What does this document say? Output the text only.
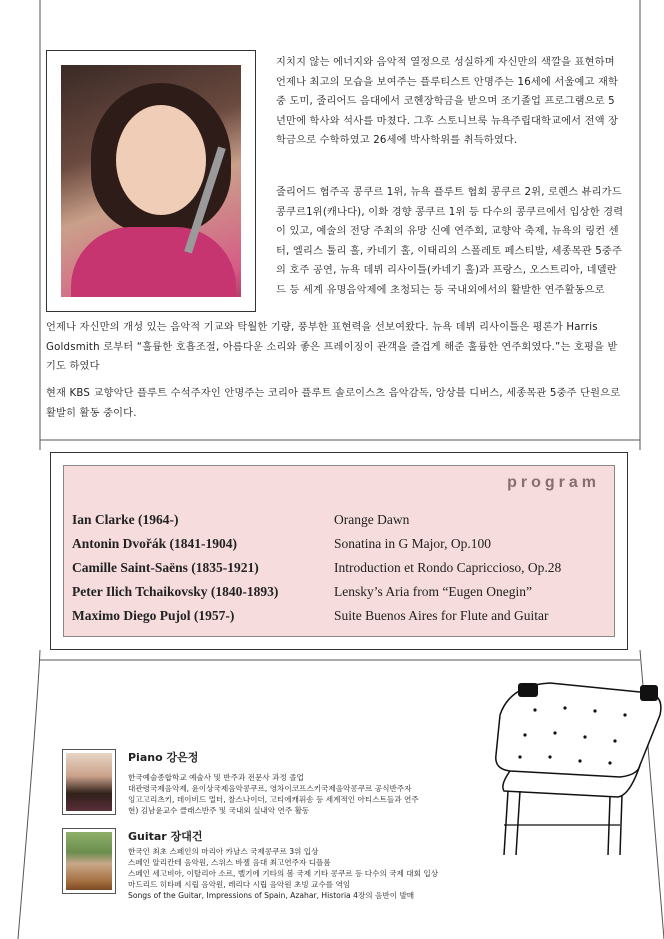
지치지 않는 에너지와 음악적 열정으로 성실하게 자신만의 색깔을 표현하며 언제나 최고의 모습을 보여주는 플루티스트 안명주는 16세에 서울예고 재학중 도미, 줄리어드 음대에서 코헨장학금을 받으며 조기졸업 프로그램으로 5년만에 학사와 석사를 마쳤다. 그후 스토니브룩 뉴욕주립대학교에서 전액 장학금으로 수학하였고 26세에 박사학위를 취득하였다.

줄리어드 협주곡 콩쿠르 1위, 뉴욕 플루트 협회 콩쿠르 2위, 로렌스 뷰리가드 콩쿠르1위(캐나다), 이화 경향 콩쿠르 1위 등 다수의 콩쿠르에서 입상한 경력이 있고, 예술의 전당 주최의 유망 신예 연주회, 교향악 축제, 뉴욕의 링컨 센터, 엘리스 툴리 홀, 카네기 홀, 이태리의 스폴레토 페스티발, 세종목관 5중주의 호주 공연, 뉴욕 데뷔 리사이틀(카네기 홀)과 프랑스, 오스트리아, 네델란드 등 세계 유명음악제에 초청되는 등 국내외에서의 활발한 연주활동으로

언제나 자신만의 개성 있는 음악적 기교와 탁월한 기량, 풍부한 표현력을 선보여왔다. 뉴욕 데뷔 리사이틀은 평론가 Harris Goldsmith 로부터 “훌륭한 호흡조절, 아름다운 소리와 좋은 프레이징이 관객을 즐겁게 해준 훌륭한 연주회였다.”는 호평을 받기도 하였다

현재 KBS 교향악단 플루트 수석주자인 안명주는 코리아 플루트 솔로이스츠 음악감독, 앙상블 디버스, 세종목관 5중주 단원으로 활발히 활동 중이다.

program
Ian Clarke (1964-)	Orange Dawn
Antonin Dvořák (1841-1904)	Sonatina in G Major, Op.100
Camille Saint-Saëns (1835-1921)	Introduction et Rondo Capriccioso, Op.28
Peter Ilich Tchaikovsky (1840-1893)	Lensky’s Aria from “Eugen Onegin”
Maximo Diego Pujol (1957-)	Suite Buenos Aires for Flute and Guitar
Piano 강은정

한국예술종합학교 예술사 및 반주과 전문사 과정 졸업

대관령국제음악제, 윤이상국제음악콩쿠르, 영차이코프스키국제음악콩쿠르 공식반주자

잉고고리츠키, 데이비드 멀터, 찰스나이더, 고티에캐퓌송 등 세계적인 아티스트들과 연주

현) 김남윤교수 클래스반주 및 국내외 실내악 연주 활동

Guitar 장대건

한국인 최초 스페인의 마리아 카날스 국제콩쿠르 3위 입상

스페인 알리칸테 음악원, 스위스 바젤 음대 최고연주자 디플롬

스페인 세고비아, 이탈리아 소르, 벨기에 기타의 봄 국제 기타 콩쿠르 등 다수의 국제 대회 입상

마드리드 히타페 시립 음악원, 레리다 시립 음악원 초빙 교수를 역임

Songs of the Guitar, Impressions of Spain, Azahar, Historia 4장의 음반이 발매
